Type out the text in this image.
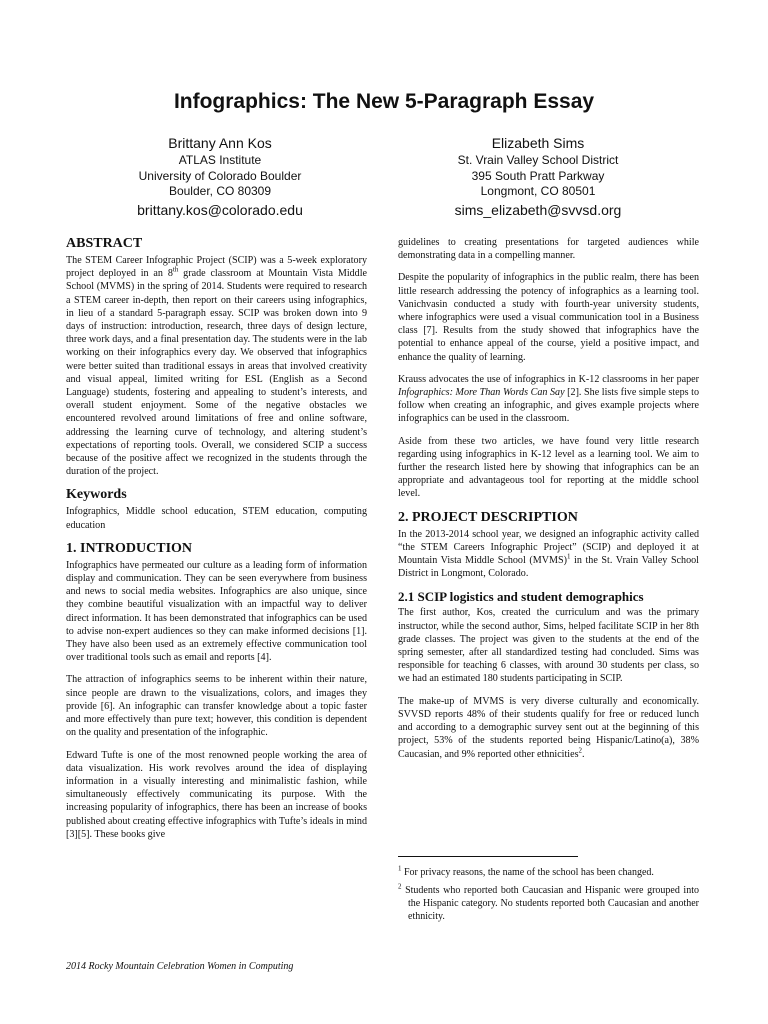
Infographics: The New 5-Paragraph Essay
Brittany Ann Kos
ATLAS Institute
University of Colorado Boulder
Boulder, CO 80309
brittany.kos@colorado.edu
Elizabeth Sims
St. Vrain Valley School District
395 South Pratt Parkway
Longmont, CO 80501
sims_elizabeth@svvsd.org
ABSTRACT

The STEM Career Infographic Project (SCIP) was a 5-week exploratory project deployed in an 8th grade classroom at Mountain Vista Middle School (MVMS) in the spring of 2014. Students were required to research a STEM career in-depth, then report on their careers using infographics, in lieu of a standard 5-paragraph essay. SCIP was broken down into 9 days of instruction: introduction, research, three days of design lecture, three work days, and a final presentation day. The students were in the lab working on their infographics every day. We observed that infographics were better suited than traditional essays in areas that involved creativity and visual appeal, limited writing for ESL (English as a Second Language) students, fostering and appealing to student’s interests, and overall student enjoyment. Some of the negative obstacles we encountered revolved around limitations of free and online software, addressing the learning curve of technology, and altering student’s expectations of reporting tools. Overall, we considered SCIP a success because of the positive affect we recognized in the students through the duration of the project.

Keywords

Infographics, Middle school education, STEM education, computing education

1. INTRODUCTION

Infographics have permeated our culture as a leading form of information display and communication. They can be seen everywhere from business and news to social media websites. Infographics are also unique, since they combine beautiful visualization with an impactful way to deliver direct information. It has been demonstrated that infographics can be used to advise non-expert audiences so they can make informed decisions [1]. They have also been used as an extremely effective communication tool over traditional tools such as email and reports [4].

The attraction of infographics seems to be inherent within their nature, since people are drawn to the visualizations, colors, and images they provide [6]. An infographic can transfer knowledge about a topic faster and more effectively than pure text; however, this condition is dependent on the quality and presentation of the infographic.

Edward Tufte is one of the most renowned people working the area of data visualization. His work revolves around the idea of displaying information in a visually interesting and minimalistic fashion, while simultaneously effectively communicating its purpose. With the increasing popularity of infographics, there has been an increase of books published about creating effective infographics with Tufte’s ideals in mind [3][5]. These books give

guidelines to creating presentations for targeted audiences while demonstrating data in a compelling manner.

Despite the popularity of infographics in the public realm, there has been little research addressing the potency of infographics as a learning tool. Vanichvasin conducted a study with fourth-year university students, where infographics were used a visual communication tool in a Business class [7]. Results from the study showed that infographics have the potential to enhance appeal of the course, yield a positive impact, and enhance the quality of learning.

Krauss advocates the use of infographics in K-12 classrooms in her paper Infographics: More Than Words Can Say [2]. She lists five simple steps to follow when creating an infographic, and gives example projects where infographics can be used in the classroom.

Aside from these two articles, we have found very little research regarding using infographics in K-12 level as a learning tool. We aim to further the research listed here by showing that infographics can be an appropriate and advantageous tool for reporting at the middle school level.

2. PROJECT DESCRIPTION

In the 2013-2014 school year, we designed an infographic activity called “the STEM Careers Infographic Project” (SCIP) and deployed it at Mountain Vista Middle School (MVMS)$^1$ in the St. Vrain Valley School District in Longmont, Colorado.

2.1 SCIP logistics and student demographics

The first author, Kos, created the curriculum and was the primary instructor, while the second author, Sims, helped facilitate SCIP in her 8th grade classes. The project was given to the students at the end of the spring semester, after all standardized testing had concluded. Sims was responsible for teaching 6 classes, with around 30 students per class, so we had an estimated 180 students participating in SCIP.

The make-up of MVMS is very diverse culturally and economically. SVVSD reports 48% of their students qualify for free or reduced lunch and according to a demographic survey sent out at the beginning of this project, 53% of the students reported being Hispanic/Latino(a), 38% Caucasian, and 9% reported other ethnicities$^2$.

$^1$ For privacy reasons, the name of the school has been changed.

$^2$ Students who reported both Caucasian and Hispanic were grouped into the Hispanic category. No students reported both Caucasian and another ethnicity.

2014 Rocky Mountain Celebration Women in Computing
